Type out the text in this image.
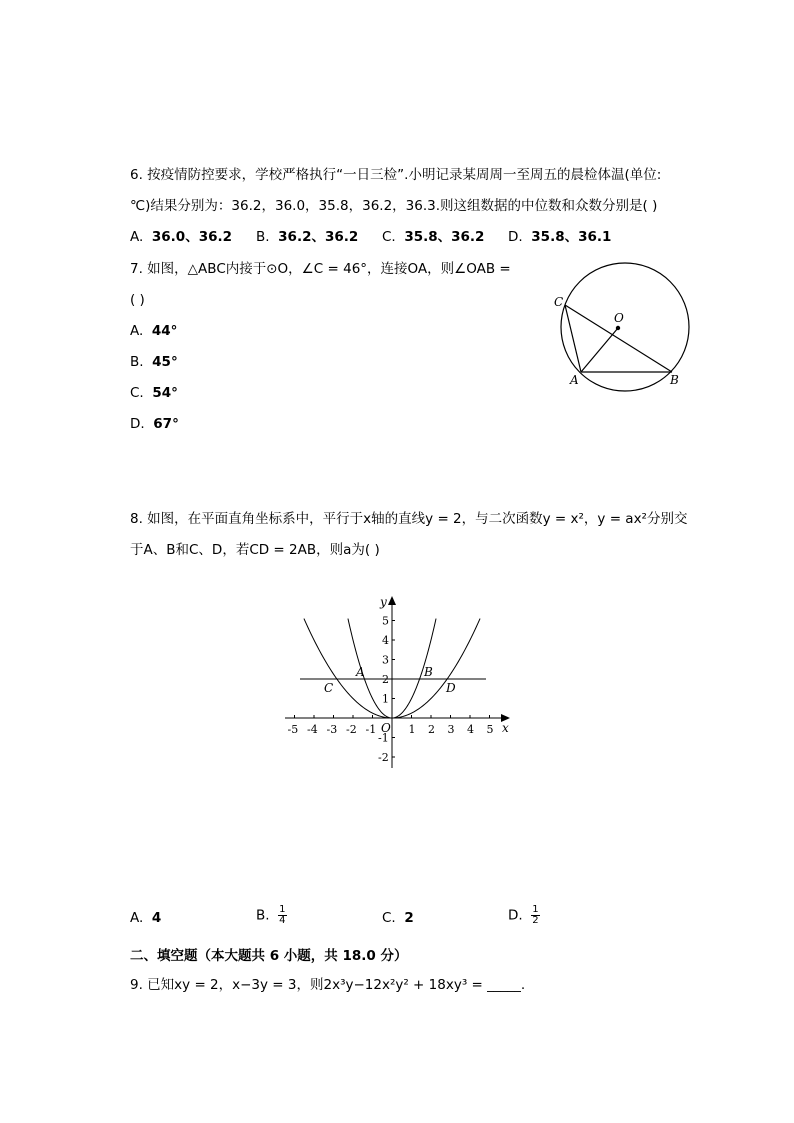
6. 按疫情防控要求，学校严格执行“一日三检”.小明记录某周周一至周五的晨检体温(单位:
℃)结果分别为：36.2，36.0，35.8，36.2，36.3.则这组数据的中位数和众数分别是( )
A. 36.0、36.2 B. 36.2、36.2 C. 35.8、36.2 D. 35.8、36.1
7. 如图，△ABC内接于⊙O，∠C = 46°，连接OA，则∠OAB =
( )
A. 44°
B. 45°
C. 54°
D. 67°
C
O
A	B
8. 如图，在平面直角坐标系中，平行于x轴的直线y = 2，与二次函数y = x²，y = ax²分别交
于A、B和C、D，若CD = 2AB，则a为( )
-5 -4 -3 -2 -1	1 2 3 4 5
5
4
3
2
1
-1
-2
x
y
O
A	B
C	D
A. 4	B. $\frac{1}{4}$	C. 2	D. $\frac{1}{2}$
二、填空题（本大题共 6 小题，共 18.0 分）
9. 已知xy = 2，x−3y = 3，则2x³y−12x²y² + 18xy³ = _____.
